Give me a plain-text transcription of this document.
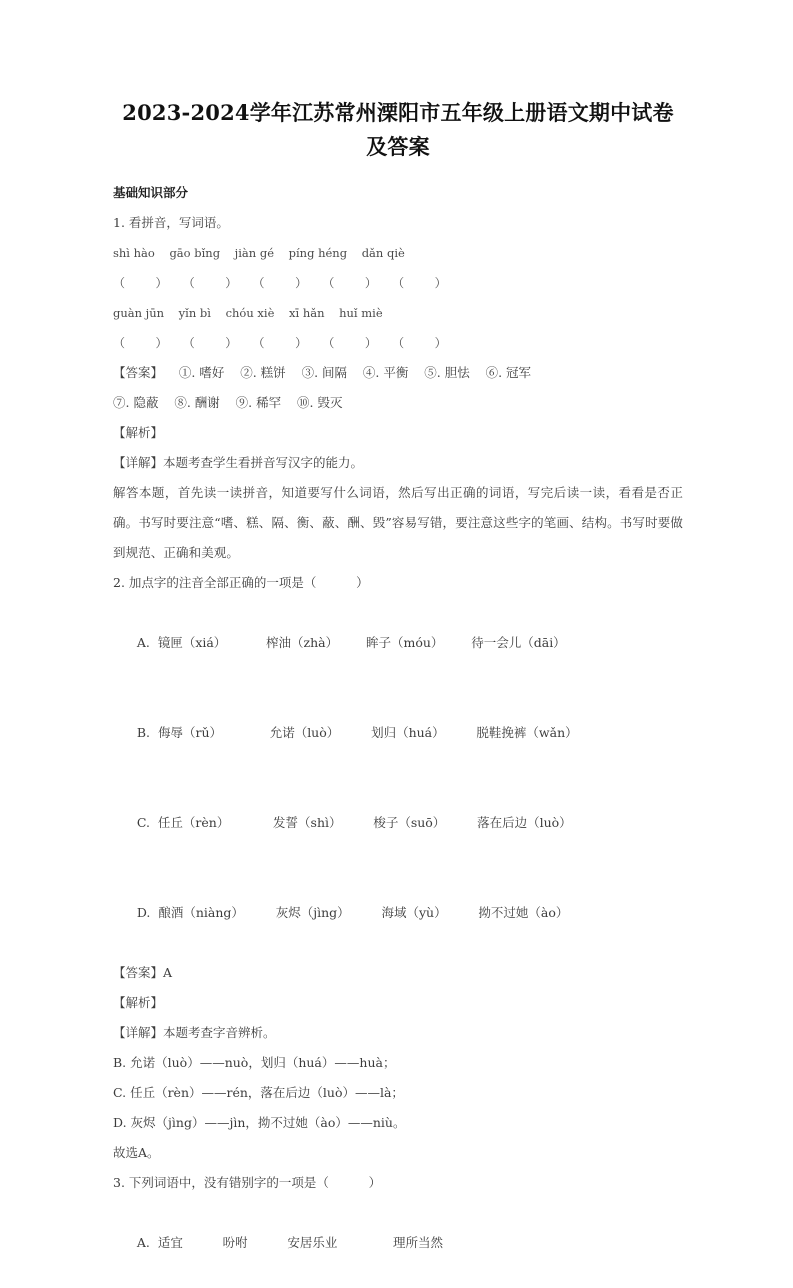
2023-2024学年江苏常州溧阳市五年级上册语文期中试卷及答案
基础知识部分
1. 看拼音，写词语。
shì hào    gāo bǐng    jiàn gé    píng héng    dǎn qiè
（        ）    （        ）    （        ）    （        ）    （        ）
guàn jūn    yǐn bì    chóu xiè    xī hǎn    huǐ miè
（        ）    （        ）    （        ）    （        ）    （        ）
【答案】    ①. 嗜好    ②. 糕饼    ③. 间隔    ④. 平衡    ⑤. 胆怯    ⑥. 冠军
⑦. 隐蔽    ⑧. 酬谢    ⑨. 稀罕    ⑩. 毁灭
【解析】
【详解】本题考查学生看拼音写汉字的能力。
解答本题，首先读一读拼音，知道要写什么词语，然后写出正确的词语，写完后读一读，看看是否正确。书写时要注意“嗜、糕、隔、衡、蔽、酬、毁”容易写错，要注意这些字的笔画、结构。书写时要做到规范、正确和美观。
2. 加点字的注音全部正确的一项是（          ）

A. 镜匣（xiá）	榨油（zhà） 眸子（móu） 待一会儿（dāi）

B. 侮辱（rǔ）	允诺（luò）	划归（huá）	脱鞋挽裤（wǎn）

C. 任丘（rèn）	发誓（shì）	梭子（suō）	落在后边（luò）

D. 酿酒（niàng）	灰烬（jìng）	海域（yù）	拗不过她（ào）

【答案】A
【解析】
【详解】本题考查字音辨析。
B. 允诺（luò）——nuò，划归（huá）——huà；
C. 任丘（rèn）——rén，落在后边（luò）——là；
D. 灰烬（jìng）——jìn，拗不过她（ào）——niù。
故选A。
3. 下列词语中，没有错别字的一项是（          ）

A. 适宜	吩咐	安居乐业	理所当然
